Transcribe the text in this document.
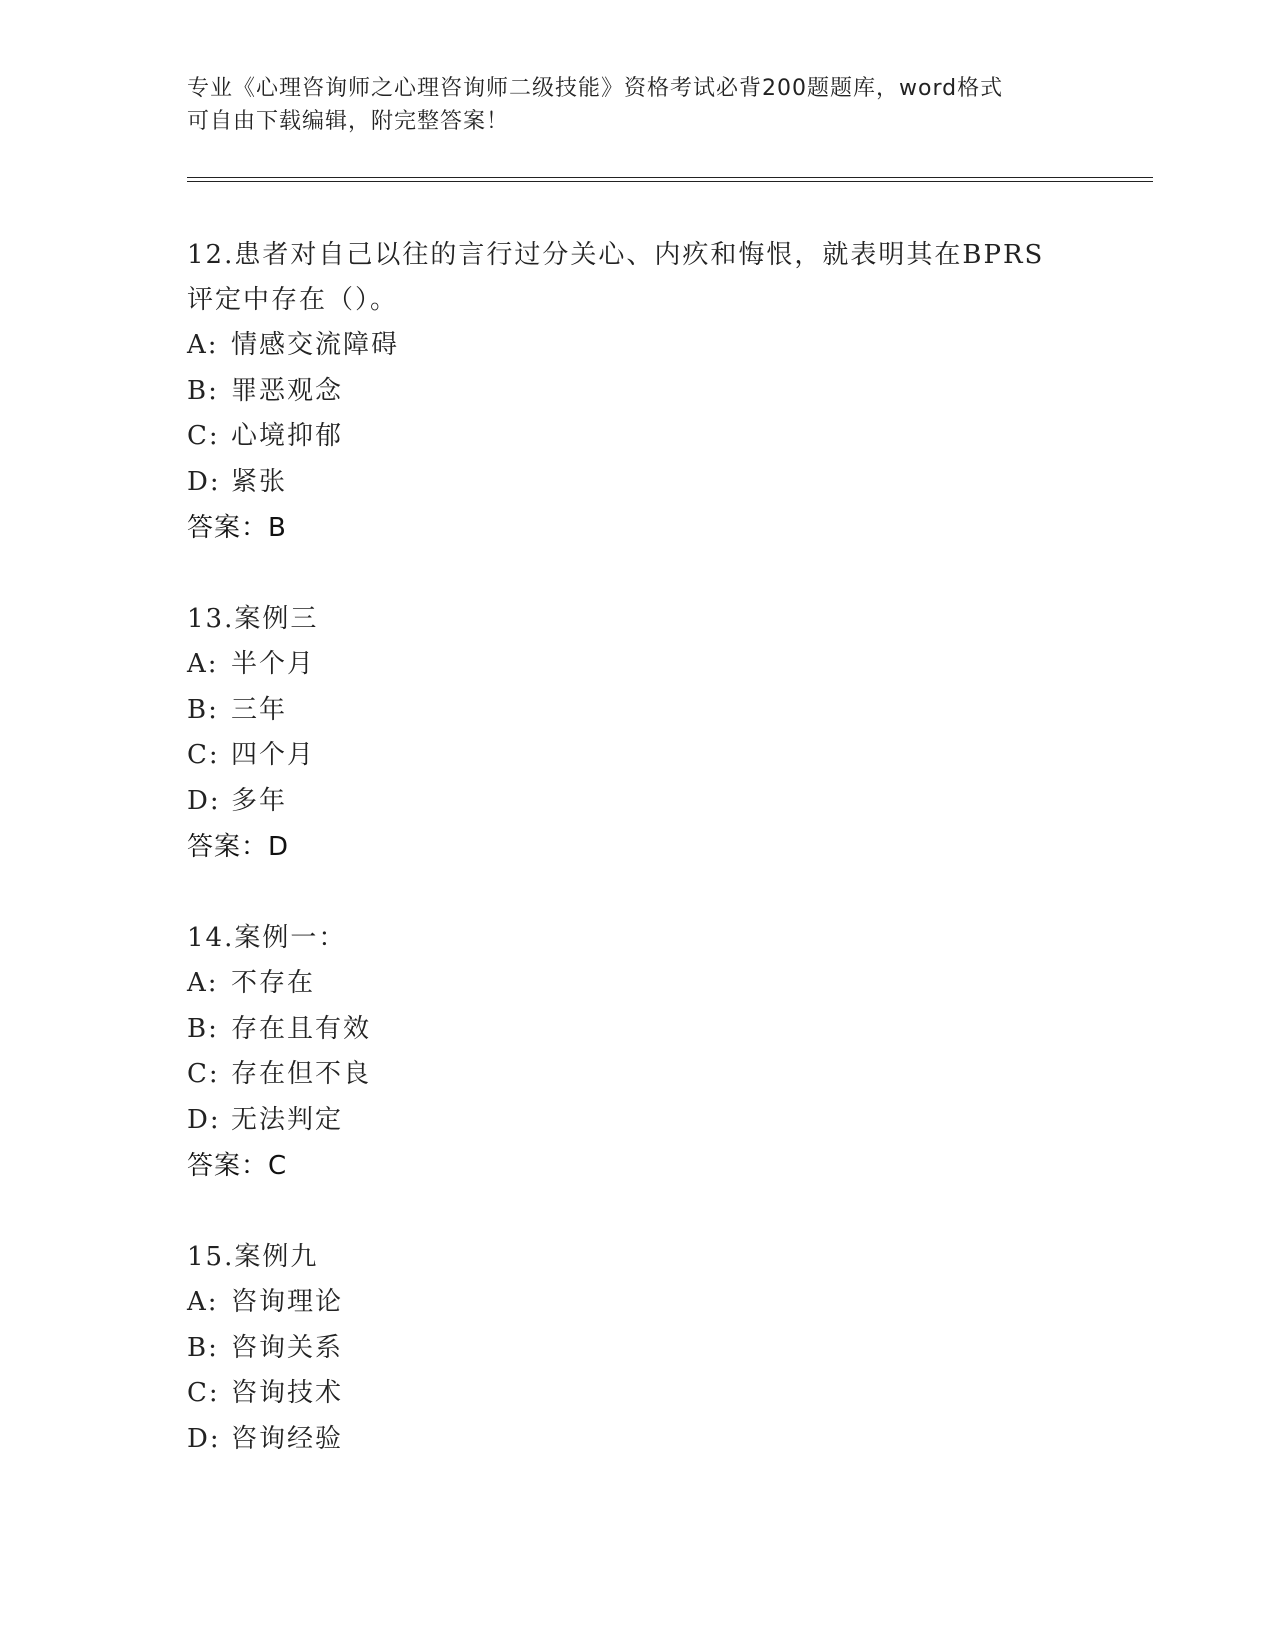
专业《心理咨询师之心理咨询师二级技能》资格考试必背200题题库，word格式
可自由下载编辑，附完整答案！
12.患者对自己以往的言行过分关心、内疚和悔恨，就表明其在BPRS评定中存在（）。
A: 情感交流障碍
B: 罪恶观念
C: 心境抑郁
D: 紧张
答案：B
13.案例三
A: 半个月
B: 三年
C: 四个月
D: 多年
答案：D
14.案例一：
A: 不存在
B: 存在且有效
C: 存在但不良
D: 无法判定
答案：C
15.案例九
A: 咨询理论
B: 咨询关系
C: 咨询技术
D: 咨询经验
